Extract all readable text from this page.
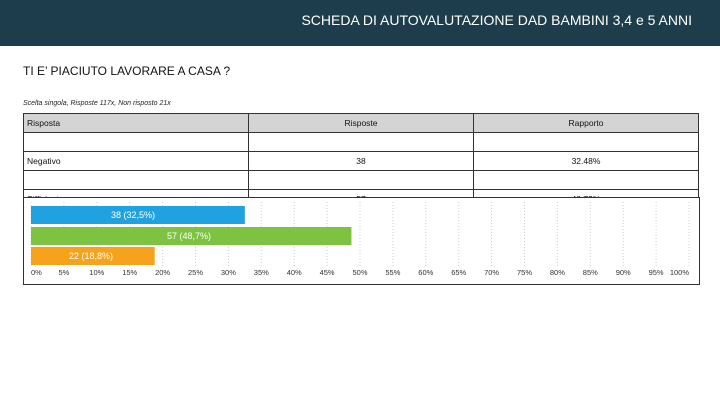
SCHEDA DI AUTOVALUTAZIONE DAD BAMBINI 3,4 e 5 ANNI
TI E’ PIACIUTO LAVORARE A CASA ?
Scelta singola, Risposte 117x, Non risposto 21x
Risposta	Risposte	Rapporto

Negativo	38	32.48%

38 (32,5%)
57 (48,7%)
22 (18,8%)
0% 5%	10% 15% 20% 25% 30% 35% 40% 45% 50% 55% 60% 65% 70% 75% 80% 85% 90% 95% 100%
